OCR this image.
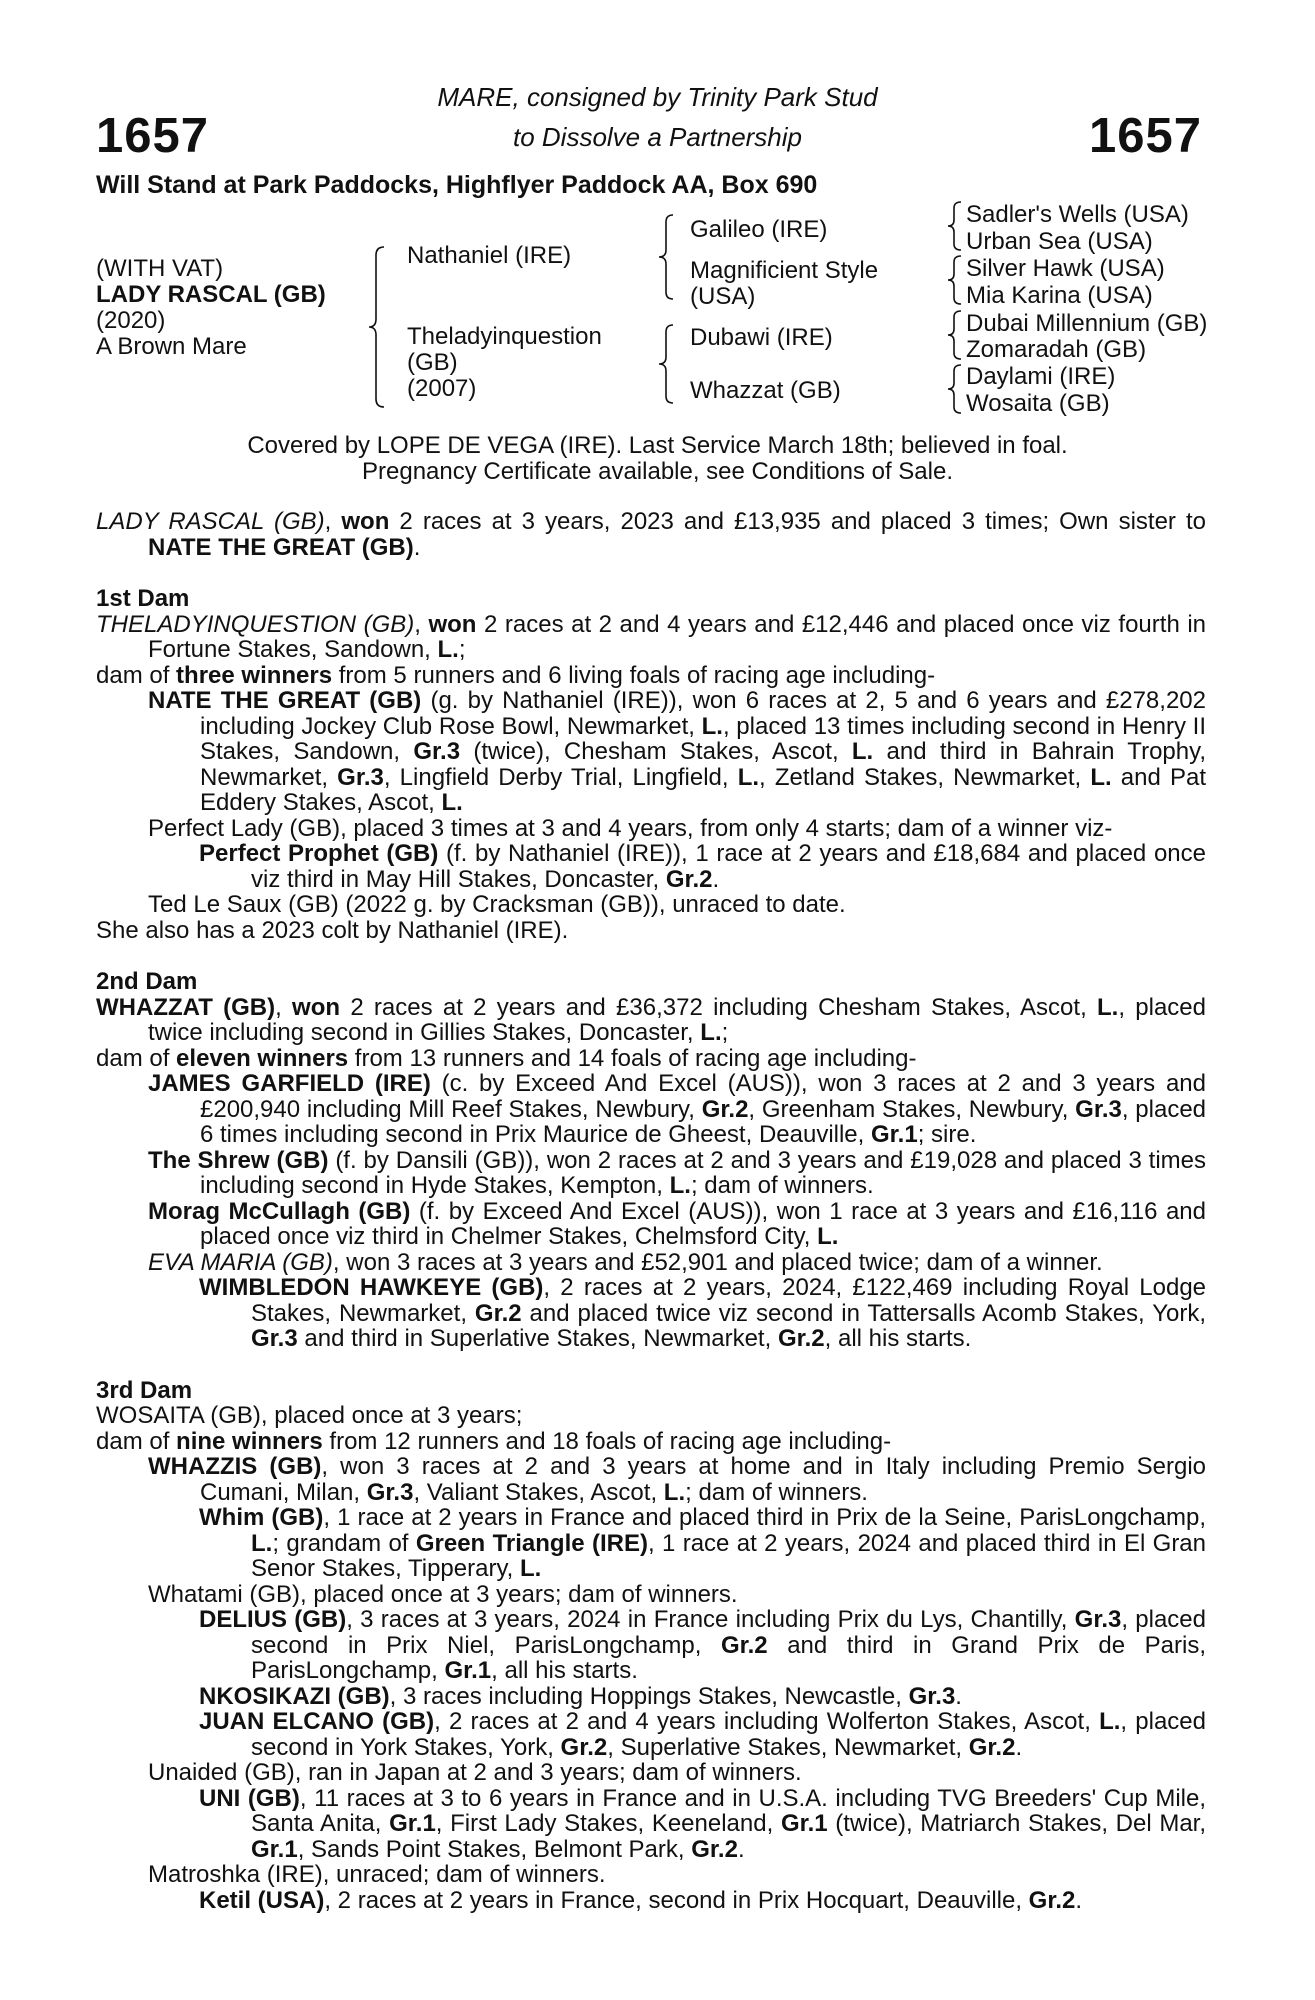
1657	1657
MARE, consigned by Trinity Park Stud
to Dissolve a Partnership
Will Stand at Park Paddocks, Highflyer Paddock AA, Box 690
(WITH VAT)
LADY RASCAL (GB)
(2020)
A Brown Mare
Nathaniel (IRE)
Theladyinquestion
(GB)
(2007)
Galileo (IRE)
Magnificient Style
(USA)
Dubawi (IRE)
Whazzat (GB)
Sadler's Wells (USA)
Urban Sea (USA)
Silver Hawk (USA)
Mia Karina (USA)
Dubai Millennium (GB)
Zomaradah (GB)
Daylami (IRE)
Wosaita (GB)
Covered by LOPE DE VEGA (IRE). Last Service March 18th; believed in foal.
Pregnancy Certificate available, see Conditions of Sale.
LADY RASCAL (GB), won 2 races at 3 years, 2023 and £13,935 and placed 3 times; Own sister to NATE THE GREAT (GB).
1st Dam
THELADYINQUESTION (GB), won 2 races at 2 and 4 years and £12,446 and placed once viz fourth in Fortune Stakes, Sandown, L.;
dam of three winners from 5 runners and 6 living foals of racing age including-
NATE THE GREAT (GB) (g. by Nathaniel (IRE)), won 6 races at 2, 5 and 6 years and £278,202 including Jockey Club Rose Bowl, Newmarket, L., placed 13 times including second in Henry II Stakes, Sandown, Gr.3 (twice), Chesham Stakes, Ascot, L. and third in Bahrain Trophy, Newmarket, Gr.3, Lingfield Derby Trial, Lingfield, L., Zetland Stakes, Newmarket, L. and Pat Eddery Stakes, Ascot, L.
Perfect Lady (GB), placed 3 times at 3 and 4 years, from only 4 starts; dam of a winner viz-
Perfect Prophet (GB) (f. by Nathaniel (IRE)), 1 race at 2 years and £18,684 and placed once viz third in May Hill Stakes, Doncaster, Gr.2.
Ted Le Saux (GB) (2022 g. by Cracksman (GB)), unraced to date.
She also has a 2023 colt by Nathaniel (IRE).
2nd Dam
WHAZZAT (GB), won 2 races at 2 years and £36,372 including Chesham Stakes, Ascot, L., placed twice including second in Gillies Stakes, Doncaster, L.;
dam of eleven winners from 13 runners and 14 foals of racing age including-
JAMES GARFIELD (IRE) (c. by Exceed And Excel (AUS)), won 3 races at 2 and 3 years and £200,940 including Mill Reef Stakes, Newbury, Gr.2, Greenham Stakes, Newbury, Gr.3, placed 6 times including second in Prix Maurice de Gheest, Deauville, Gr.1; sire.
The Shrew (GB) (f. by Dansili (GB)), won 2 races at 2 and 3 years and £19,028 and placed 3 times including second in Hyde Stakes, Kempton, L.; dam of winners.
Morag McCullagh (GB) (f. by Exceed And Excel (AUS)), won 1 race at 3 years and £16,116 and placed once viz third in Chelmer Stakes, Chelmsford City, L.
EVA MARIA (GB), won 3 races at 3 years and £52,901 and placed twice; dam of a winner.
WIMBLEDON HAWKEYE (GB), 2 races at 2 years, 2024, £122,469 including Royal Lodge Stakes, Newmarket, Gr.2 and placed twice viz second in Tattersalls Acomb Stakes, York, Gr.3 and third in Superlative Stakes, Newmarket, Gr.2, all his starts.
3rd Dam
WOSAITA (GB), placed once at 3 years;
dam of nine winners from 12 runners and 18 foals of racing age including-
WHAZZIS (GB), won 3 races at 2 and 3 years at home and in Italy including Premio Sergio Cumani, Milan, Gr.3, Valiant Stakes, Ascot, L.; dam of winners.
Whim (GB), 1 race at 2 years in France and placed third in Prix de la Seine, ParisLongchamp, L.; grandam of Green Triangle (IRE), 1 race at 2 years, 2024 and placed third in El Gran Senor Stakes, Tipperary, L.
Whatami (GB), placed once at 3 years; dam of winners.
DELIUS (GB), 3 races at 3 years, 2024 in France including Prix du Lys, Chantilly, Gr.3, placed second in Prix Niel, ParisLongchamp, Gr.2 and third in Grand Prix de Paris, ParisLongchamp, Gr.1, all his starts.
NKOSIKAZI (GB), 3 races including Hoppings Stakes, Newcastle, Gr.3.
JUAN ELCANO (GB), 2 races at 2 and 4 years including Wolferton Stakes, Ascot, L., placed second in York Stakes, York, Gr.2, Superlative Stakes, Newmarket, Gr.2.
Unaided (GB), ran in Japan at 2 and 3 years; dam of winners.
UNI (GB), 11 races at 3 to 6 years in France and in U.S.A. including TVG Breeders' Cup Mile, Santa Anita, Gr.1, First Lady Stakes, Keeneland, Gr.1 (twice), Matriarch Stakes, Del Mar, Gr.1, Sands Point Stakes, Belmont Park, Gr.2.
Matroshka (IRE), unraced; dam of winners.
Ketil (USA), 2 races at 2 years in France, second in Prix Hocquart, Deauville, Gr.2.
